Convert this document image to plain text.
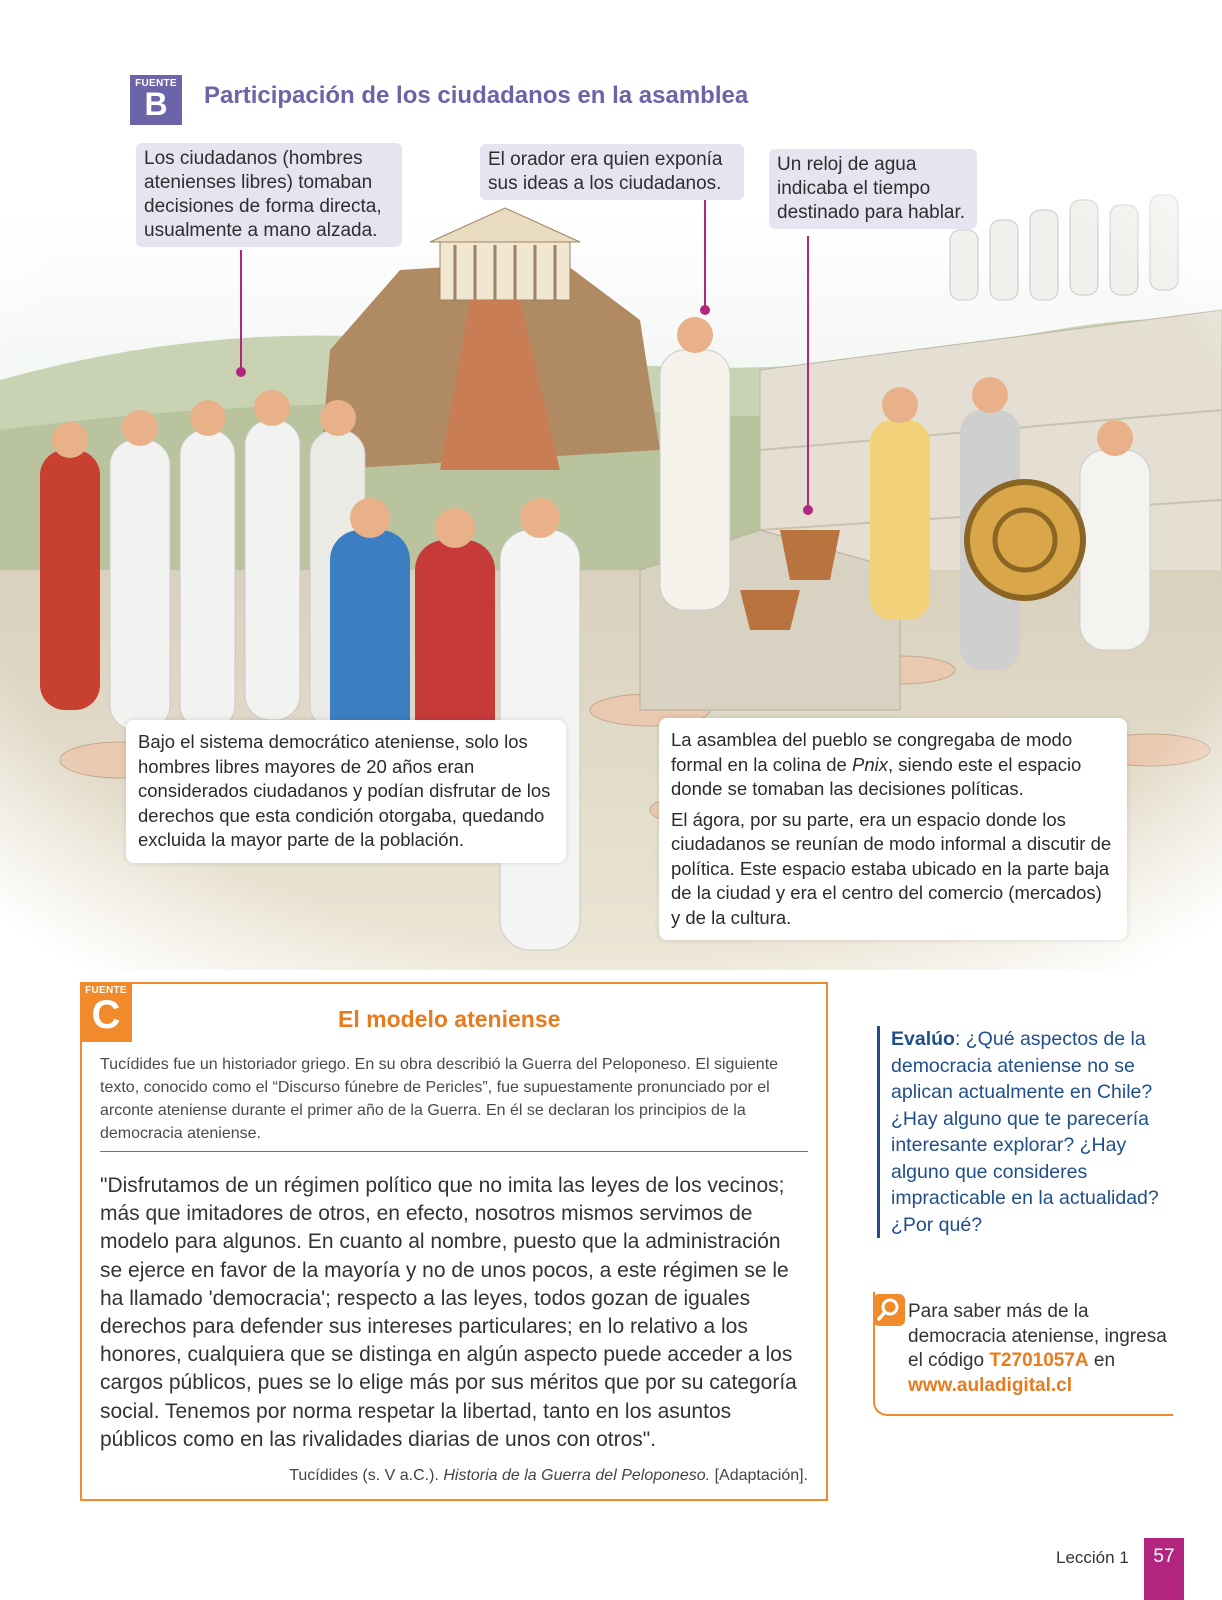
FUENTE
B	Participación de los ciudadanos en la asamblea
Los ciudadanos (hombres atenienses libres) tomaban decisiones de forma directa, usualmente a mano alzada.
El orador era quien exponía sus ideas a los ciudadanos.
Un reloj de agua indicaba el tiempo destinado para hablar.
Bajo el sistema democrático ateniense, solo los hombres libres mayores de 20 años eran considerados ciudadanos y podían disfrutar de los derechos que esta condición otorgaba, quedando excluida la mayor parte de la población.

La asamblea del pueblo se congregaba de modo formal en la colina de Pnix, siendo este el espacio donde se tomaban las decisiones políticas.

El ágora, por su parte, era un espacio donde los ciudadanos se reunían de modo informal a discutir de política. Este espacio estaba ubicado en la parte baja de la ciudad y era el centro del comercio (mercados) y de la cultura.

FUENTE
C	El modelo ateniense
Tucídides fue un historiador griego. En su obra describió la Guerra del Peloponeso. El siguiente texto, conocido como el “Discurso fúnebre de Pericles”, fue supuestamente pronunciado por el arconte ateniense durante el primer año de la Guerra. En él se declaran los principios de la democracia ateniense.
"Disfrutamos de un régimen político que no imita las leyes de los vecinos; más que imitadores de otros, en efecto, nosotros mismos servimos de modelo para algunos. En cuanto al nombre, puesto que la administración se ejerce en favor de la mayoría y no de unos pocos, a este régimen se le ha llamado 'democracia'; respecto a las leyes, todos gozan de iguales derechos para defender sus intereses particulares; en lo relativo a los honores, cualquiera que se distinga en algún aspecto puede acceder a los cargos públicos, pues se lo elige más por sus méritos que por su categoría social. Tenemos por norma respetar la libertad, tanto en los asuntos públicos como en las rivalidades diarias de unos con otros".
Tucídides (s. V a.C.). Historia de la Guerra del Peloponeso. [Adaptación].
Evalúo: ¿Qué aspectos de la democracia ateniense no se aplican actualmente en Chile? ¿Hay alguno que te parecería interesante explorar? ¿Hay alguno que consideres impracticable en la actualidad? ¿Por qué?
Para saber más de la democracia ateniense, ingresa el código T2701057A en www.auladigital.cl
Lección 1	57
